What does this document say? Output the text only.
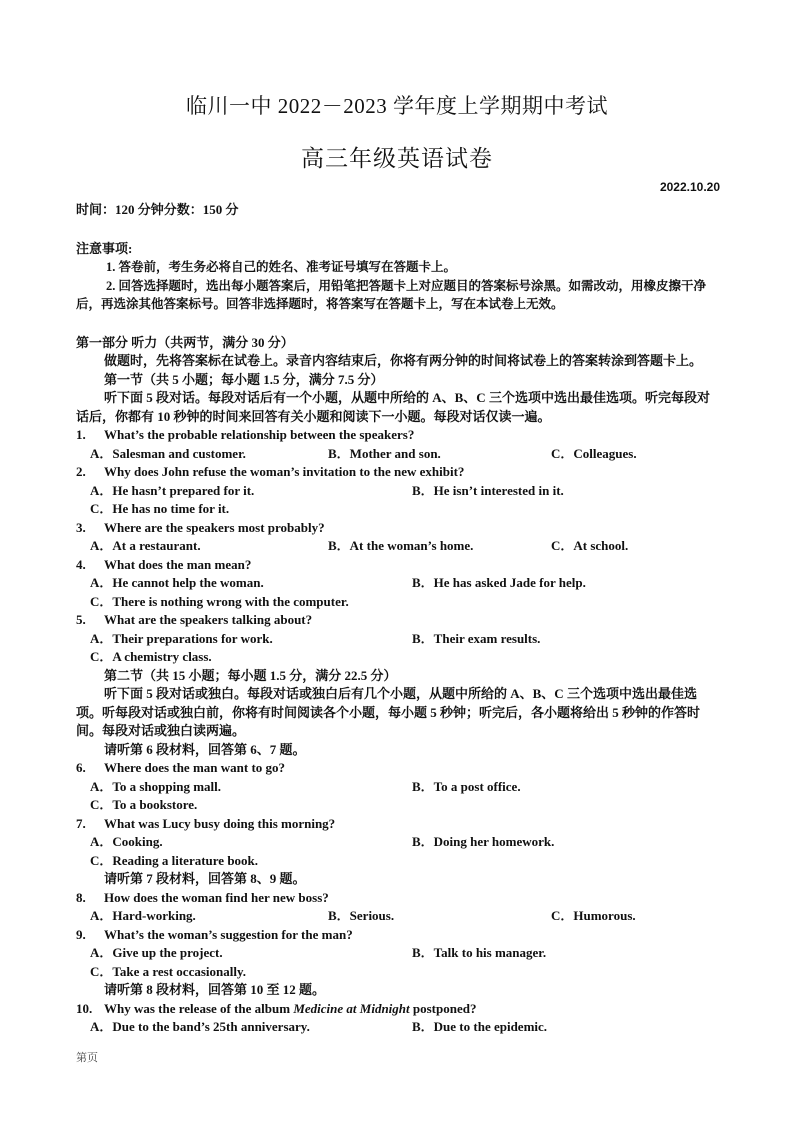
临川一中 2022－2023 学年度上学期期中考试
高三年级英语试卷
2022.10.20

时间：120 分钟分数：150 分

注意事项:

1. 答卷前，考生务必将自己的姓名、准考证号填写在答题卡上。

2. 回答选择题时，选出每小题答案后，用铅笔把答题卡上对应题目的答案标号涂黑。如需改动，用橡皮擦干净后，再选涂其他答案标号。回答非选择题时，将答案写在答题卡上，写在本试卷上无效。

第一部分 听力（共两节，满分 30 分）

做题时，先将答案标在试卷上。录音内容结束后，你将有两分钟的时间将试卷上的答案转涂到答题卡上。

第一节（共 5 小题；每小题 1.5 分，满分 7.5 分）

听下面 5 段对话。每段对话后有一个小题，从题中所给的 A、B、C 三个选项中选出最佳选项。听完每段对话后，你都有 10 秒钟的时间来回答有关小题和阅读下一小题。每段对话仅读一遍。

1.	What’s the probable relationship between the speakers?
A．Salesman and customer.	B．Mother and son.	C．Colleagues.
2.	Why does John refuse the woman’s invitation to the new exhibit?
A．He hasn’t prepared for it.	B．He isn’t interested in it.

C．He has no time for it.

3.	Where are the speakers most probably?
A．At a restaurant.	B．At the woman’s home.	C．At school.
4.	What does the man mean?
A．He cannot help the woman.	B．He has asked Jade for help.

C．There is nothing wrong with the computer.

5.	What are the speakers talking about?
A．Their preparations for work.	B．Their exam results.

C．A chemistry class.

第二节（共 15 小题；每小题 1.5 分，满分 22.5 分）

听下面 5 段对话或独白。每段对话或独白后有几个小题，从题中所给的 A、B、C 三个选项中选出最佳选项。听每段对话或独白前，你将有时间阅读各个小题，每小题 5 秒钟；听完后，各小题将给出 5 秒钟的作答时间。每段对话或独白读两遍。

请听第 6 段材料，回答第 6、7 题。

6.	Where does the man want to go?
A．To a shopping mall.	B．To a post office.

C．To a bookstore.

7.	What was Lucy busy doing this morning?
A．Cooking.	B．Doing her homework.

C．Reading a literature book.

请听第 7 段材料，回答第 8、9 题。

8.	How does the woman find her new boss?
A．Hard-working.	B．Serious.	C．Humorous.
9.	What’s the woman’s suggestion for the man?
A．Give up the project.	B．Talk to his manager.

C．Take a rest occasionally.

请听第 8 段材料，回答第 10 至 12 题。

10. Why was the release of the album Medicine at Midnight postponed?
A．Due to the band’s 25th anniversary.	B．Due to the epidemic.
第页
